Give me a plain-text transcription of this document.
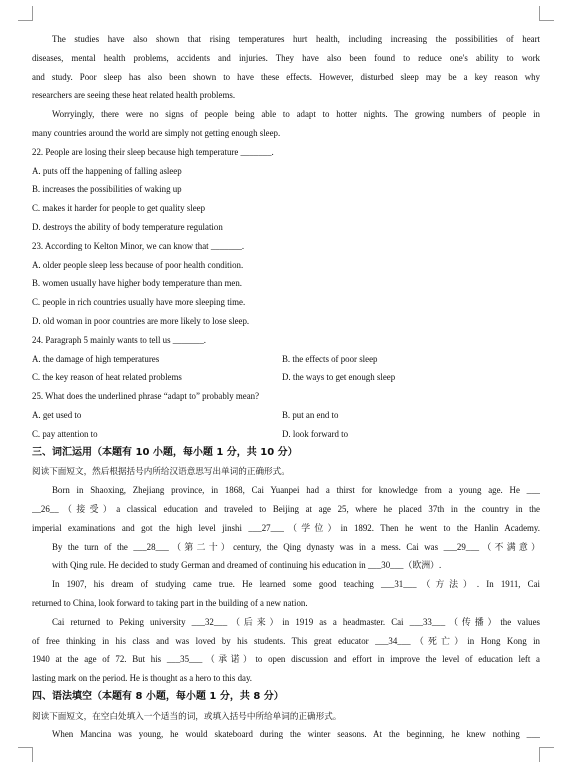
The studies have also shown that rising temperatures hurt health, including increasing the possibilities of heart
diseases, mental health problems, accidents and injuries. They have also been found to reduce one's ability to work
and study. Poor sleep has also been shown to have these effects. However, disturbed sleep may be a key reason why
researchers are seeing these heat related health problems.
Worryingly, there were no signs of people being able to adapt to hotter nights. The growing numbers of people in
many countries around the world are simply not getting enough sleep.
22. People are losing their sleep because high temperature _______.
A. puts off the happening of falling asleep
B. increases the possibilities of waking up
C. makes it harder for people to get quality sleep
D. destroys the ability of body temperature regulation
23. According to Kelton Minor, we can know that _______.
A. older people sleep less because of poor health condition.
B. women usually have higher body temperature than men.
C. people in rich countries usually have more sleeping time.
D. old woman in poor countries are more likely to lose sleep.
24. Paragraph 5 mainly wants to tell us _______.
A. the damage of high temperatures	B. the effects of poor sleep
C. the key reason of heat related problems	D. the ways to get enough sleep
25. What does the underlined phrase “adapt to” probably mean?
A. get used to	B. put an end to
C. pay attention to	D. look forward to
三、词汇运用（本题有 10 小题，每小题 1 分，共 10 分）
阅读下面短文，然后根据括号内所给汉语意思写出单词的正确形式。
Born in Shaoxing, Zhejiang province, in 1868, Cai Yuanpei had a thirst for knowledge from a young age. He ___
__26__（接受）a classical education and traveled to Beijing at age 25, where he placed 37th in the country in the
imperial examinations and got the high level jinshi ___27___（学位）in 1892. Then he went to the Hanlin Academy.
By the turn of the ___28___（第二十）century, the Qing dynasty was in a mess. Cai was ___29___（不满意）
with Qing rule. He decided to study German and dreamed of continuing his education in ___30___（欧洲）.
In 1907, his dream of studying came true. He learned some good teaching ___31___（方法）. In 1911, Cai
returned to China, look forward to taking part in the building of a new nation.
Cai returned to Peking university ___32___（后来）in 1919 as a headmaster. Cai ___33___（传播）the values
of free thinking in his class and was loved by his students. This great educator ___34___（死亡）in Hong Kong in
1940 at the age of 72. But his ___35___（承诺）to open discussion and effort in improve the level of education left a
lasting mark on the period. He is thought as a hero to this day.
四、语法填空（本题有 8 小题，每小题 1 分，共 8 分）
阅读下面短文，在空白处填入一个适当的词，或填入括号中所给单词的正确形式。
When Mancina was young, he would skateboard during the winter seasons. At the beginning, he knew nothing ___
